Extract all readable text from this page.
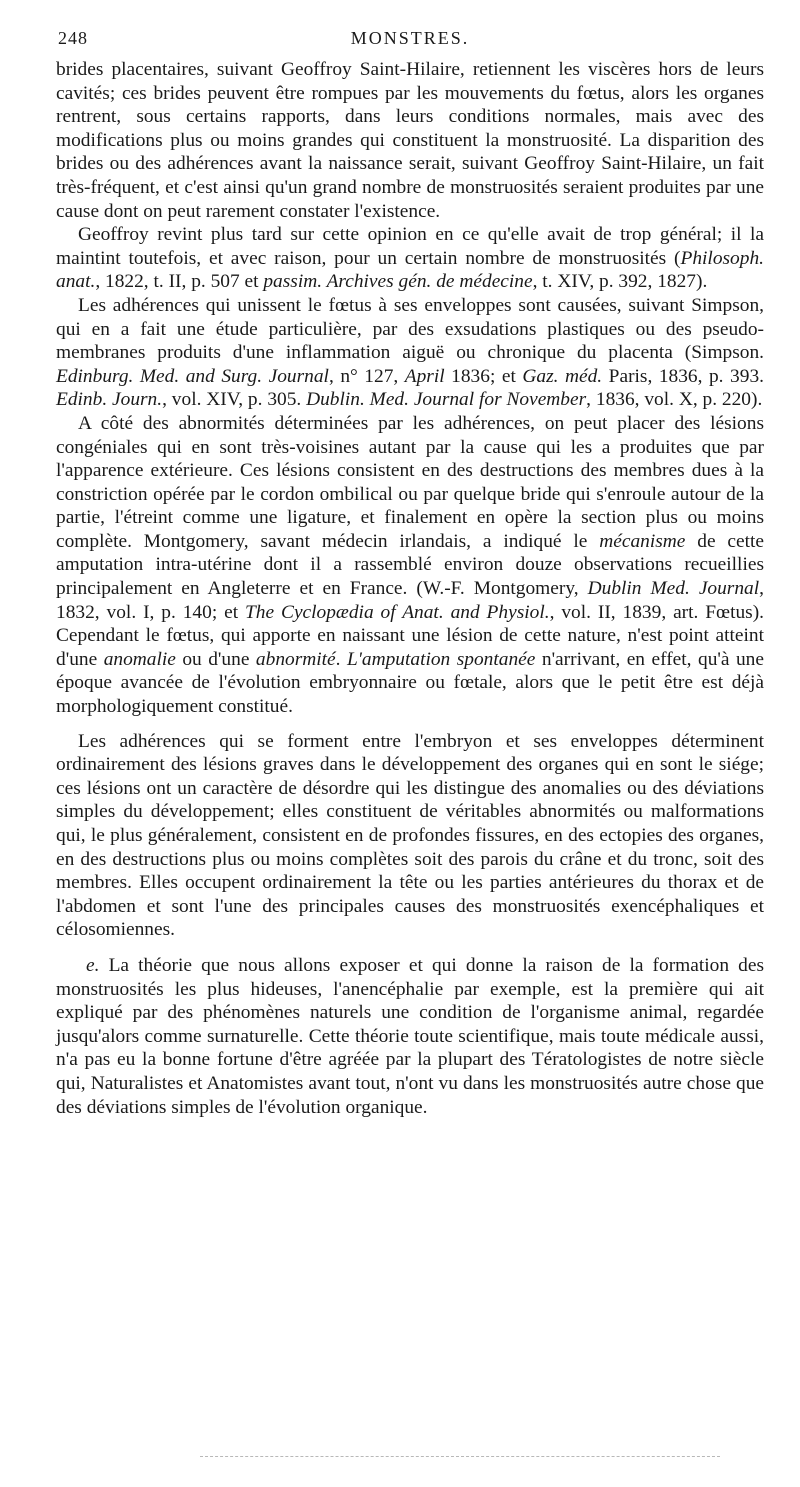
248	MONSTRES.

brides placentaires, suivant Geoffroy Saint-Hilaire, retiennent les viscères hors de leurs cavités; ces brides peuvent être rompues par les mouvements du fœtus, alors les organes rentrent, sous certains rapports, dans leurs conditions normales, mais avec des modifications plus ou moins grandes qui constituent la monstruosité. La disparition des brides ou des adhérences avant la naissance serait, suivant Geoffroy Saint-Hilaire, un fait très-fréquent, et c'est ainsi qu'un grand nombre de monstruosités seraient produites par une cause dont on peut rarement constater l'existence.

Geoffroy revint plus tard sur cette opinion en ce qu'elle avait de trop général; il la maintint toutefois, et avec raison, pour un certain nombre de monstruosités (Philosoph. anat., 1822, t. II, p. 507 et passim. Archives gén. de médecine, t. XIV, p. 392, 1827).

Les adhérences qui unissent le fœtus à ses enveloppes sont causées, suivant Simpson, qui en a fait une étude particulière, par des exsudations plastiques ou des pseudo-membranes produits d'une inflammation aiguë ou chronique du placenta (Simpson. Edinburg. Med. and Surg. Journal, n° 127, April 1836; et Gaz. méd. Paris, 1836, p. 393. Edinb. Journ., vol. XIV, p. 305. Dublin. Med. Journal for November, 1836, vol. X, p. 220).

A côté des abnormités déterminées par les adhérences, on peut placer des lésions congéniales qui en sont très-voisines autant par la cause qui les a produites que par l'apparence extérieure. Ces lésions consistent en des destructions des membres dues à la constriction opérée par le cordon ombilical ou par quelque bride qui s'enroule autour de la partie, l'étreint comme une ligature, et finalement en opère la section plus ou moins complète. Montgomery, savant médecin irlandais, a indiqué le mécanisme de cette amputation intra-utérine dont il a rassemblé environ douze observations recueillies principalement en Angleterre et en France. (W.-F. Montgomery, Dublin Med. Journal, 1832, vol. I, p. 140; et The Cyclopædia of Anat. and Physiol., vol. II, 1839, art. Fœtus). Cependant le fœtus, qui apporte en naissant une lésion de cette nature, n'est point atteint d'une anomalie ou d'une abnormité. L'amputation spontanée n'arrivant, en effet, qu'à une époque avancée de l'évolution embryonnaire ou fœtale, alors que le petit être est déjà morphologiquement constitué.

Les adhérences qui se forment entre l'embryon et ses enveloppes déterminent ordinairement des lésions graves dans le développement des organes qui en sont le siége; ces lésions ont un caractère de désordre qui les distingue des anomalies ou des déviations simples du développement; elles constituent de véritables abnormités ou malformations qui, le plus généralement, consistent en de profondes fissures, en des ectopies des organes, en des destructions plus ou moins complètes soit des parois du crâne et du tronc, soit des membres. Elles occupent ordinairement la tête ou les parties antérieures du thorax et de l'abdomen et sont l'une des principales causes des monstruosités exencéphaliques et célosomiennes.

e. La théorie que nous allons exposer et qui donne la raison de la formation des monstruosités les plus hideuses, l'anencéphalie par exemple, est la première qui ait expliqué par des phénomènes naturels une condition de l'organisme animal, regardée jusqu'alors comme surnaturelle. Cette théorie toute scientifique, mais toute médicale aussi, n'a pas eu la bonne fortune d'être agréée par la plupart des Tératologistes de notre siècle qui, Naturalistes et Anatomistes avant tout, n'ont vu dans les monstruosités autre chose que des déviations simples de l'évolution organique.
